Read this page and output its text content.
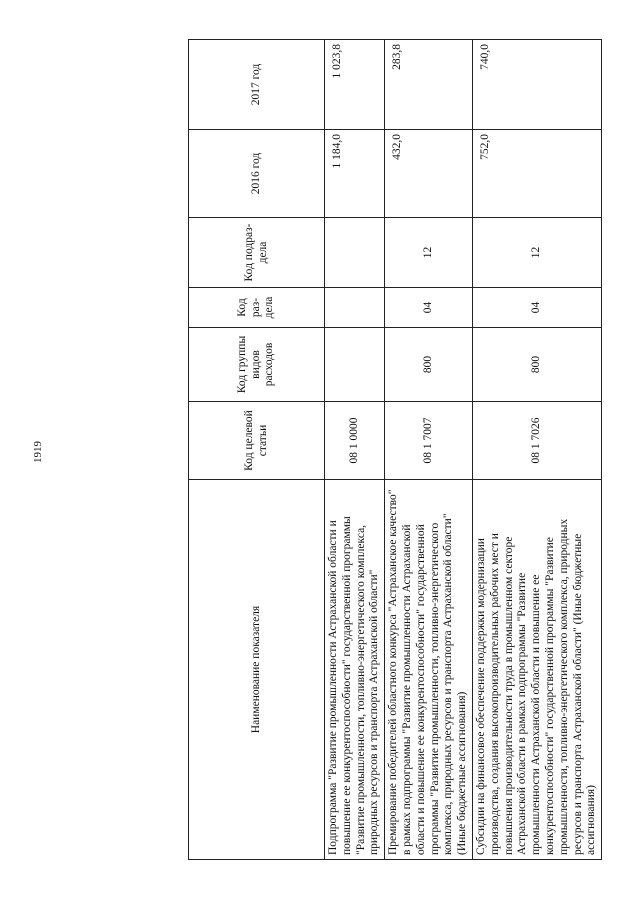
1919
Наименование показателя	Код целевой статьи	Код группы видов расходов	Код раз-дела	Код подраз-дела	2016 год	2017 год
Подпрограмма "Развитие промышленности Астраханской области и повышение ее конкурентоспособности" государственной программы "Развитие промышленности, топливно-энергетического комплекса, природных ресурсов и транспорта Астраханской области"	08 1 0000				1 184,0	1 023,8
Премирование победителей областного конкурса "Астраханское качество" в рамках подпрограммы "Развитие промышленности Астраханской области и повышение ее конкурентоспособности" государственной программы "Развитие промышленности, топливно-энергетического комплекса, природных ресурсов и транспорта Астраханской области" (Иные бюджетные ассигнования)	08 1 7007	800	04	12	432,0	283,8
Субсидии на финансовое обеспечение поддержки модернизации производства, создания высокопроизводительных рабочих мест и повышения производительности труда в промышленном секторе Астраханской области в рамках подпрограммы "Развитие промышленности Астраханской области и повышение ее конкурентоспособности" государственной программы "Развитие промышленности, топливно-энергетического комплекса, природных ресурсов и транспорта Астраханской области" (Иные бюджетные ассигнования)	08 1 7026	800	04	12	752,0	740,0
